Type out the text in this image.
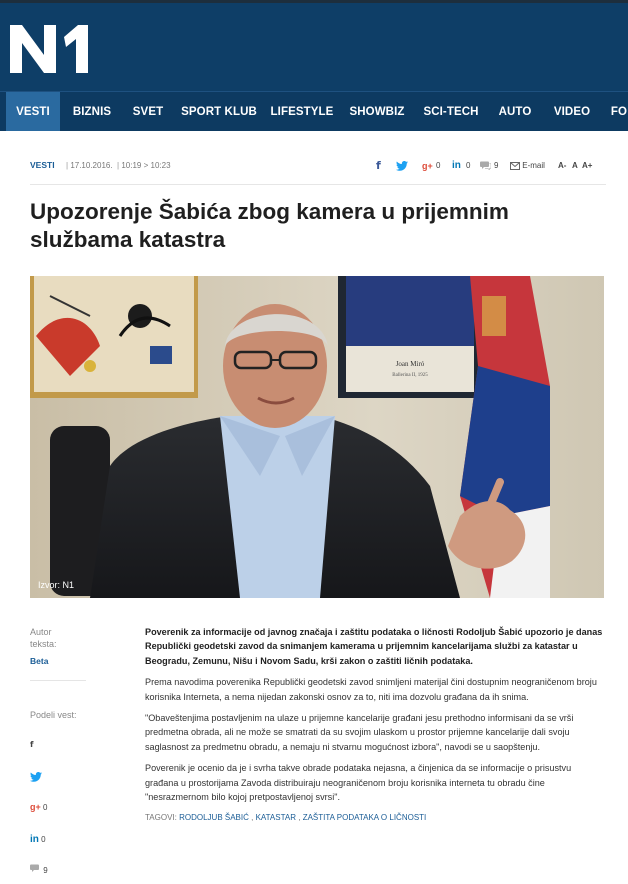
VESTI	BIZNIS	SVET	SPORT KLUB	LIFESTYLE	SHOWBIZ	SCI-TECH	AUTO	VIDEO	FO
VESTI | 17.10.2016. | 10:19 > 10:23	f	g+ 0 in 0	9	E-mail A- A A+
Upozorenje Šabića zbog kamera u prijemnim službama katastra
Joan Miró
Ballerina II, 1925
Izvor: N1
Autor teksta:
Beta
Podeli vest:
f
g+ 0
in 0
9

Poverenik za informacije od javnog značaja i zaštitu podataka o ličnosti Rodoljub Šabić upozorio je danas Republički geodetski zavod da snimanjem kamerama u prijemnim kancelarijama službi za katastar u Beogradu, Zemunu, Nišu i Novom Sadu, krši zakon o zaštiti ličnih podataka.

Prema navodima poverenika Republički geodetski zavod snimljeni materijal čini dostupnim neograničenom broju korisnika Interneta, a nema nijedan zakonski osnov za to, niti ima dozvolu građana da ih snima.

"Obaveštenjima postavljenim na ulaze u prijemne kancelarije građani jesu prethodno informisani da se vrši predmetna obrada, ali ne može se smatrati da su svojim ulaskom u prostor prijemne kancelarije dali svoju saglasnost za predmetnu obradu, a nemaju ni stvarnu mogućnost izbora", navodi se u saopštenju.

Poverenik je ocenio da je i svrha takve obrade podataka nejasna, a činjenica da se informacije o prisustvu građana u prostorijama Zavoda distribuiraju neograničenom broju korisnika interneta tu obradu čine "nesrazmernom bilo kojoj pretpostavljenoj svrsi".

TAGOVI: RODOLJUB ŠABIĆ , KATASTAR , ZAŠTITA PODATAKA O LIČNOSTI
